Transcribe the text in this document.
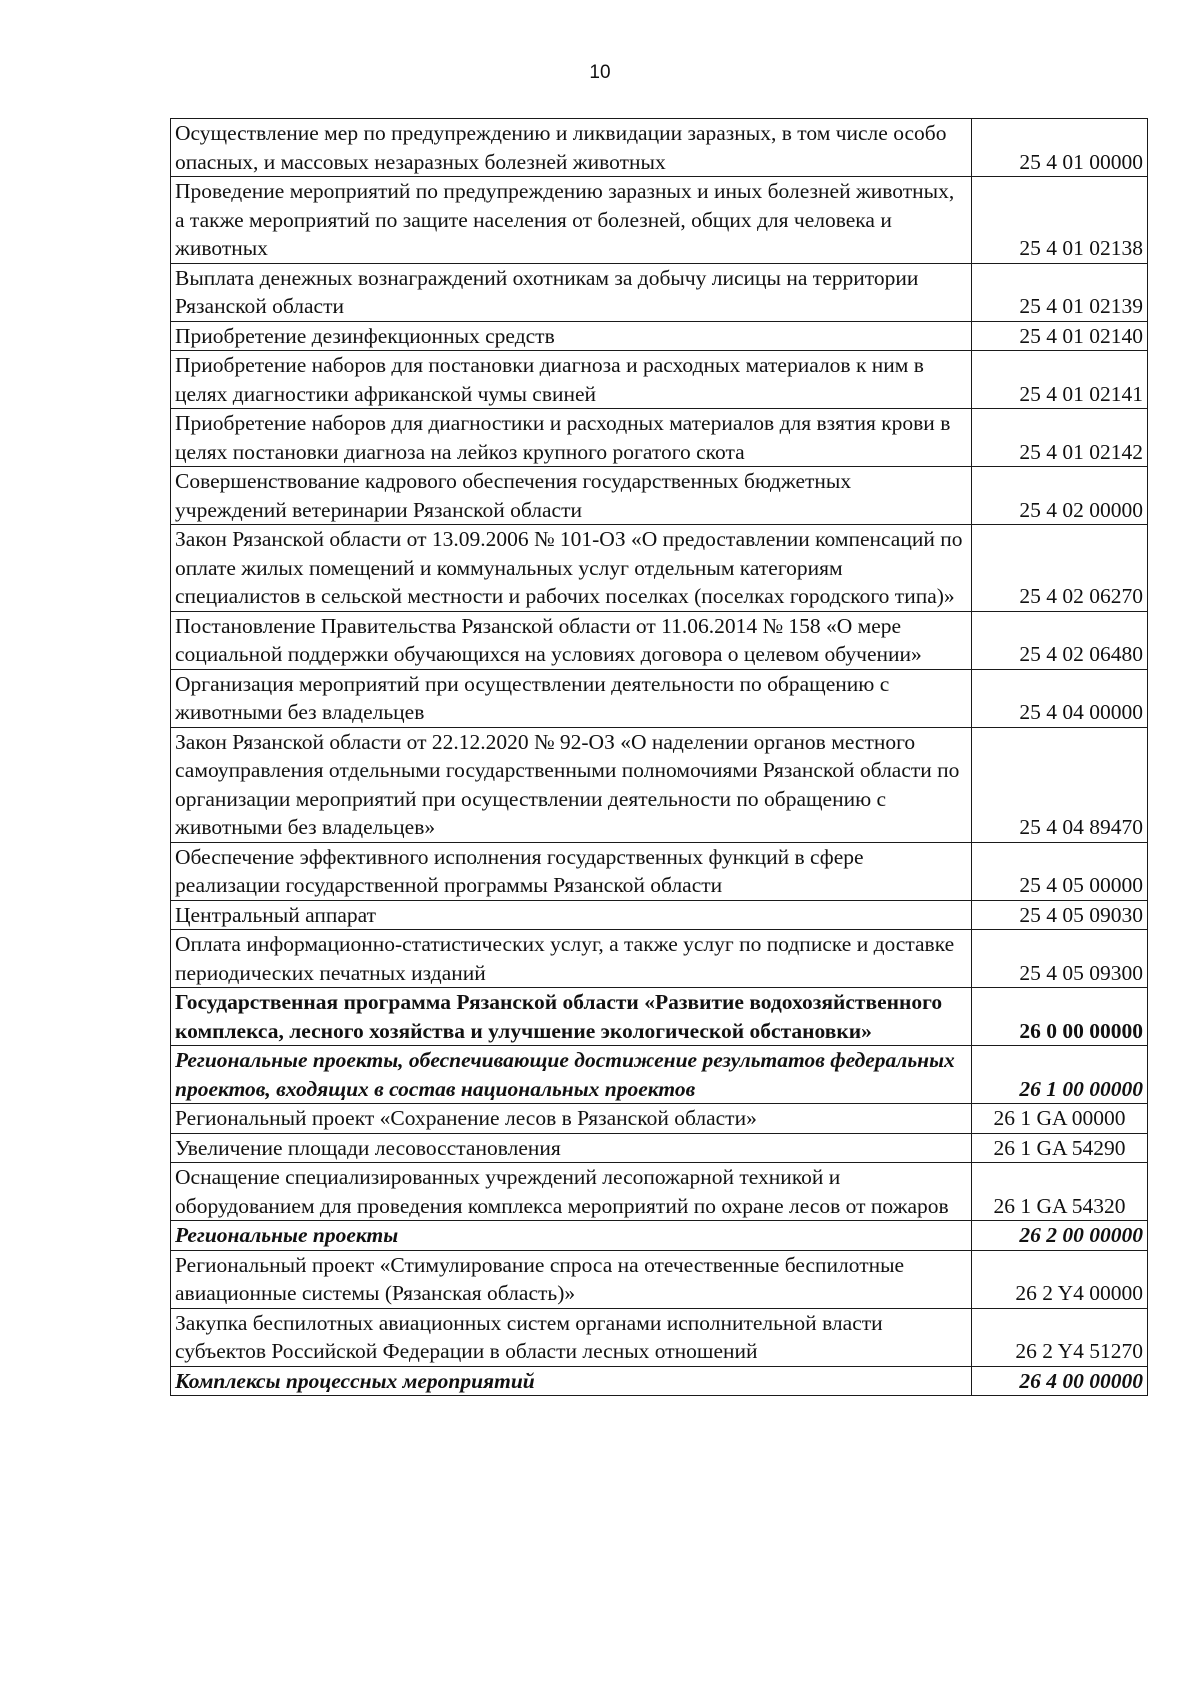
10
Осуществление мер по предупреждению и ликвидации заразных, в том числе особо опасных, и массовых незаразных болезней животных	25 4 01 00000
Проведение мероприятий по предупреждению заразных и иных болезней животных, а также мероприятий по защите населения от болезней, общих для человека и животных	25 4 01 02138
Выплата денежных вознаграждений охотникам за добычу лисицы на территории Рязанской области	25 4 01 02139
Приобретение дезинфекционных средств	25 4 01 02140
Приобретение наборов для постановки диагноза и расходных материалов к ним в целях диагностики африканской чумы свиней	25 4 01 02141
Приобретение наборов для диагностики и расходных материалов для взятия крови в целях постановки диагноза на лейкоз крупного рогатого скота	25 4 01 02142
Совершенствование кадрового обеспечения государственных бюджетных учреждений ветеринарии Рязанской области	25 4 02 00000
Закон Рязанской области от 13.09.2006 № 101-ОЗ «О предоставлении компенсаций по оплате жилых помещений и коммунальных услуг отдельным категориям специалистов в сельской местности и рабочих поселках (поселках городского типа)»	25 4 02 06270
Постановление Правительства Рязанской области от 11.06.2014 № 158 «О мере социальной поддержки обучающихся на условиях договора о целевом обучении»	25 4 02 06480
Организация мероприятий при осуществлении деятельности по обращению с животными без владельцев	25 4 04 00000
Закон Рязанской области от 22.12.2020 № 92-ОЗ «О наделении органов местного самоуправления отдельными государственными полномочиями Рязанской области по организации мероприятий при осуществлении деятельности по обращению с животными без владельцев»	25 4 04 89470
Обеспечение эффективного исполнения государственных функций в сфере реализации государственной программы Рязанской области	25 4 05 00000
Центральный аппарат	25 4 05 09030
Оплата информационно-статистических услуг, а также услуг по подписке и доставке периодических печатных изданий	25 4 05 09300
Государственная программа Рязанской области «Развитие водохозяйственного комплекса, лесного хозяйства и улучшение экологической обстановки»	26 0 00 00000
Региональные проекты, обеспечивающие достижение результатов федеральных проектов, входящих в состав национальных проектов	26 1 00 00000
Региональный проект «Сохранение лесов в Рязанской области»	26 1 GA 00000
Увеличение площади лесовосстановления	26 1 GA 54290
Оснащение специализированных учреждений лесопожарной техникой и оборудованием для проведения комплекса мероприятий по охране лесов от пожаров	26 1 GA 54320
Региональные проекты	26 2 00 00000
Региональный проект «Стимулирование спроса на отечественные беспилотные авиационные системы (Рязанская область)»	26 2 Y4 00000
Закупка беспилотных авиационных систем органами исполнительной власти субъектов Российской Федерации в области лесных отношений	26 2 Y4 51270
Комплексы процессных мероприятий	26 4 00 00000
